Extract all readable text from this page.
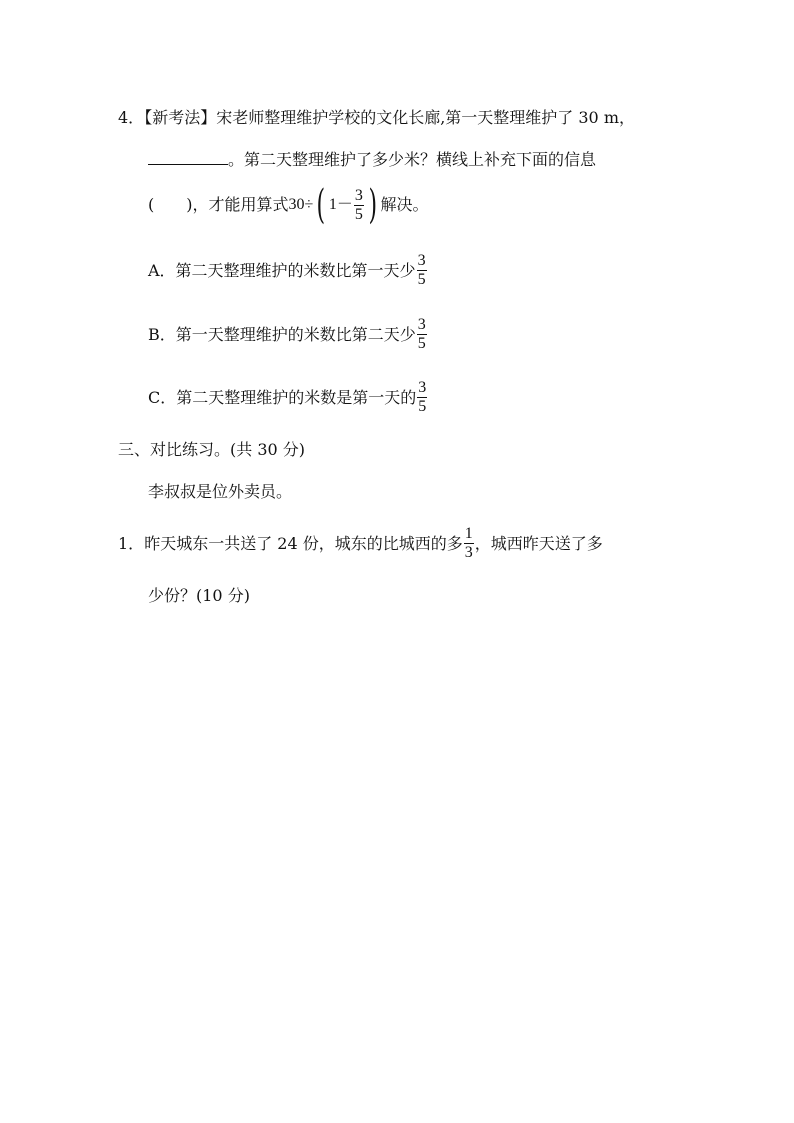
4．【新考法】宋老师整理维护学校的文化长廊,第一天整理维护了 30 m，
。第二天整理维护了多少米？横线上补充下面的信息
(　　) ，才能用算式 30÷ ( $1- \frac{3}{5}$ ) 解决。
A．第二天整理维护的米数比第一天少 $\frac{3}{5}$
B．第一天整理维护的米数比第二天少 $\frac{3}{5}$
C．第二天整理维护的米数是第一天的 $\frac{3}{5}$
三、对比练习。(共 30 分)
李叔叔是位外卖员。
1． 昨天城东一共送了 24 份，城东的比城西的多 $\frac{1}{3}$ ，城西昨天送了多
少份？(10 分)
